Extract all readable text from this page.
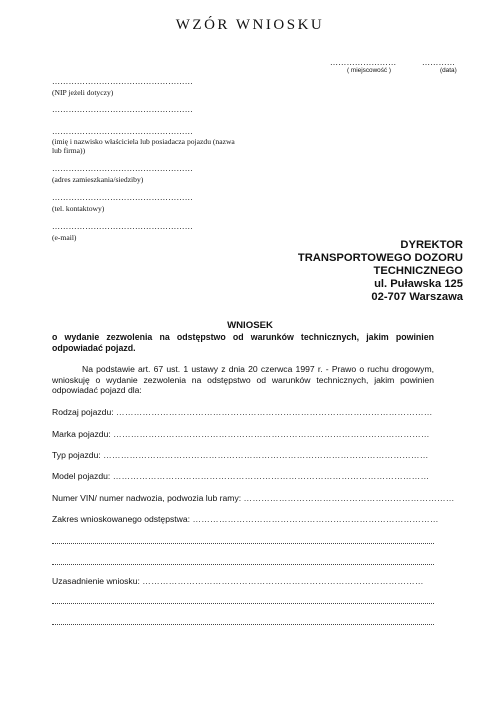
WZÓR WNIOSKU
……………………
( miejscowość )
…………
(data)
……………………………………………
(NIP jeżeli dotyczy)
……………………………………………
……………………………………………
(imię i nazwisko właściciela lub posiadacza pojazdu (nazwa lub firma))
……………………………………………
(adres zamieszkania/siedziby)
……………………………………………
(tel. kontaktowy)
……………………………………………
(e-mail)
DYREKTOR
TRANSPORTOWEGO DOZORU
TECHNICZNEGO
ul. Puławska 125
02-707 Warszawa
WNIOSEK
o wydanie zezwolenia na odstępstwo od warunków technicznych, jakim powinien odpowiadać pojazd.
Na podstawie art. 67 ust. 1 ustawy z dnia 20 czerwca 1997 r. - Prawo o ruchu drogowym, wnioskuję o wydanie zezwolenia na odstępstwo od warunków technicznych, jakim powinien odpowiadać pojazd dla:
Rodzaj pojazdu: ………………………………………………………………………………………………
Marka pojazdu: ………………………………………………………………………………………………
Typ pojazdu: …………………………………………………………………………………………………
Model pojazdu: ………………………………………………………………………………………………
Numer VIN/ numer nadwozia, podwozia lub ramy: ………………………………………………………………
Zakres wnioskowanego odstępstwa: …………………………………………………………………………
Uzasadnienie wniosku: ……………………………………………………………………………………
